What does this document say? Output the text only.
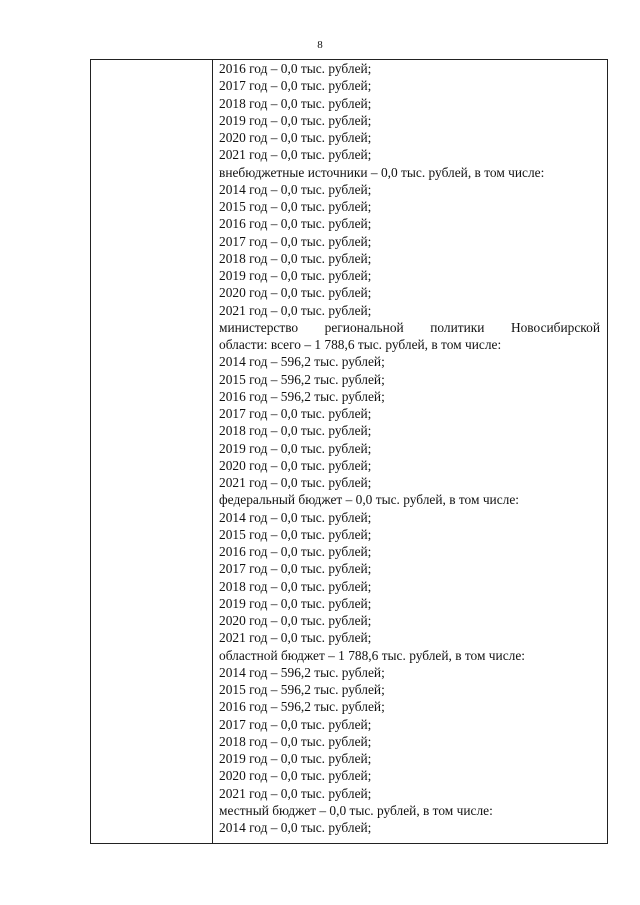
8

2016 год – 0,0 тыс. рублей;
2017 год – 0,0 тыс. рублей;
2018 год – 0,0 тыс. рублей;
2019 год – 0,0 тыс. рублей;
2020 год – 0,0 тыс. рублей;
2021 год – 0,0 тыс. рублей;
внебюджетные источники – 0,0 тыс. рублей, в том числе:
2014 год – 0,0 тыс. рублей;
2015 год – 0,0 тыс. рублей;
2016 год – 0,0 тыс. рублей;
2017 год – 0,0 тыс. рублей;
2018 год – 0,0 тыс. рублей;
2019 год – 0,0 тыс. рублей;
2020 год – 0,0 тыс. рублей;
2021 год – 0,0 тыс. рублей;
министерство региональной политики Новосибирской
области: всего – 1 788,6 тыс. рублей, в том числе:
2014 год – 596,2 тыс. рублей;
2015 год – 596,2 тыс. рублей;
2016 год – 596,2 тыс. рублей;
2017 год – 0,0 тыс. рублей;
2018 год – 0,0 тыс. рублей;
2019 год – 0,0 тыс. рублей;
2020 год – 0,0 тыс. рублей;
2021 год – 0,0 тыс. рублей;
федеральный бюджет – 0,0 тыс. рублей, в том числе:
2014 год – 0,0 тыс. рублей;
2015 год – 0,0 тыс. рублей;
2016 год – 0,0 тыс. рублей;
2017 год – 0,0 тыс. рублей;
2018 год – 0,0 тыс. рублей;
2019 год – 0,0 тыс. рублей;
2020 год – 0,0 тыс. рублей;
2021 год – 0,0 тыс. рублей;
областной бюджет – 1 788,6 тыс. рублей, в том числе:
2014 год – 596,2 тыс. рублей;
2015 год – 596,2 тыс. рублей;
2016 год – 596,2 тыс. рублей;
2017 год – 0,0 тыс. рублей;
2018 год – 0,0 тыс. рублей;
2019 год – 0,0 тыс. рублей;
2020 год – 0,0 тыс. рублей;
2021 год – 0,0 тыс. рублей;
местный бюджет – 0,0 тыс. рублей, в том числе:
2014 год – 0,0 тыс. рублей;
